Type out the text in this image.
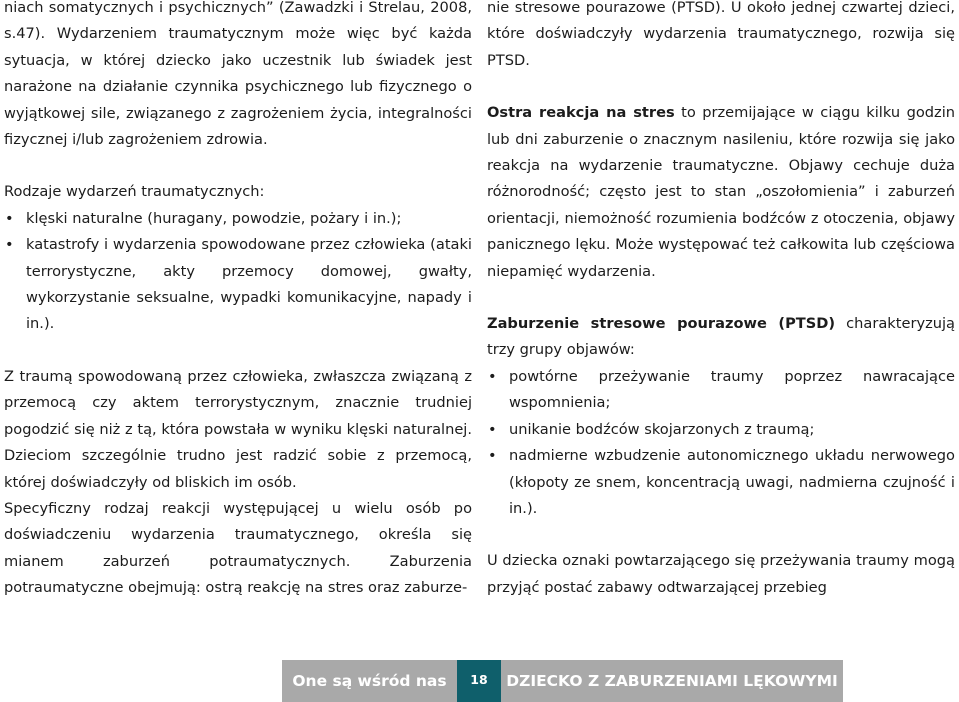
niach somatycznych i psychicznych” (Zawadzki i Strelau, 2008, s.47). Wydarzeniem traumatycznym może więc być każda sytuacja, w której dziecko jako uczestnik lub świadek jest narażone na działanie czynnika psychicznego lub fizycznego o wyjątkowej sile, związanego z zagrożeniem życia, integralności fizycznej i/lub zagrożeniem zdrowia.

Rodzaje wydarzeń traumatycznych:

• klęski naturalne (huragany, powodzie, pożary i in.);
• katastrofy i wydarzenia spowodowane przez człowieka (ataki terrorystyczne, akty przemocy domowej, gwałty, wykorzystanie seksualne, wypadki komunikacyjne, napady i in.).

Z traumą spowodowaną przez człowieka, zwłaszcza związaną z przemocą czy aktem terrorystycznym, znacznie trudniej pogodzić się niż z tą, która powstała w wyniku klęski naturalnej. Dzieciom szczególnie trudno jest radzić sobie z przemocą, której doświadczyły od bliskich im osób.

Specyficzny rodzaj reakcji występującej u wielu osób po doświadczeniu wydarzenia traumatycznego, określa się mianem zaburzeń potraumatycznych. Zaburzenia potraumatyczne obejmują: ostrą reakcję na stres oraz zaburze-

nie stresowe pourazowe (PTSD). U około jednej czwartej dzieci, które doświadczyły wydarzenia traumatycznego, rozwija się PTSD.

Ostra reakcja na stres to przemijające w ciągu kilku godzin lub dni zaburzenie o znacznym nasileniu, które rozwija się jako reakcja na wydarzenie traumatyczne. Objawy cechuje duża różnorodność; często jest to stan „oszołomienia” i zaburzeń orientacji, niemożność rozumienia bodźców z otoczenia, objawy panicznego lęku. Może występować też całkowita lub częściowa niepamięć wydarzenia.

Zaburzenie stresowe pourazowe (PTSD) charakteryzują trzy grupy objawów:

• powtórne przeżywanie traumy poprzez nawracające wspomnienia;
• unikanie bodźców skojarzonych z traumą;
• nadmierne wzbudzenie autonomicznego układu nerwowego (kłopoty ze snem, koncentracją uwagi, nadmierna czujność i in.).

U dziecka oznaki powtarzającego się przeżywania traumy mogą przyjąć postać zabawy odtwarzającej przebieg

One są wśród nas	18	DZIECKO Z ZABURZENIAMI LĘKOWYMI
